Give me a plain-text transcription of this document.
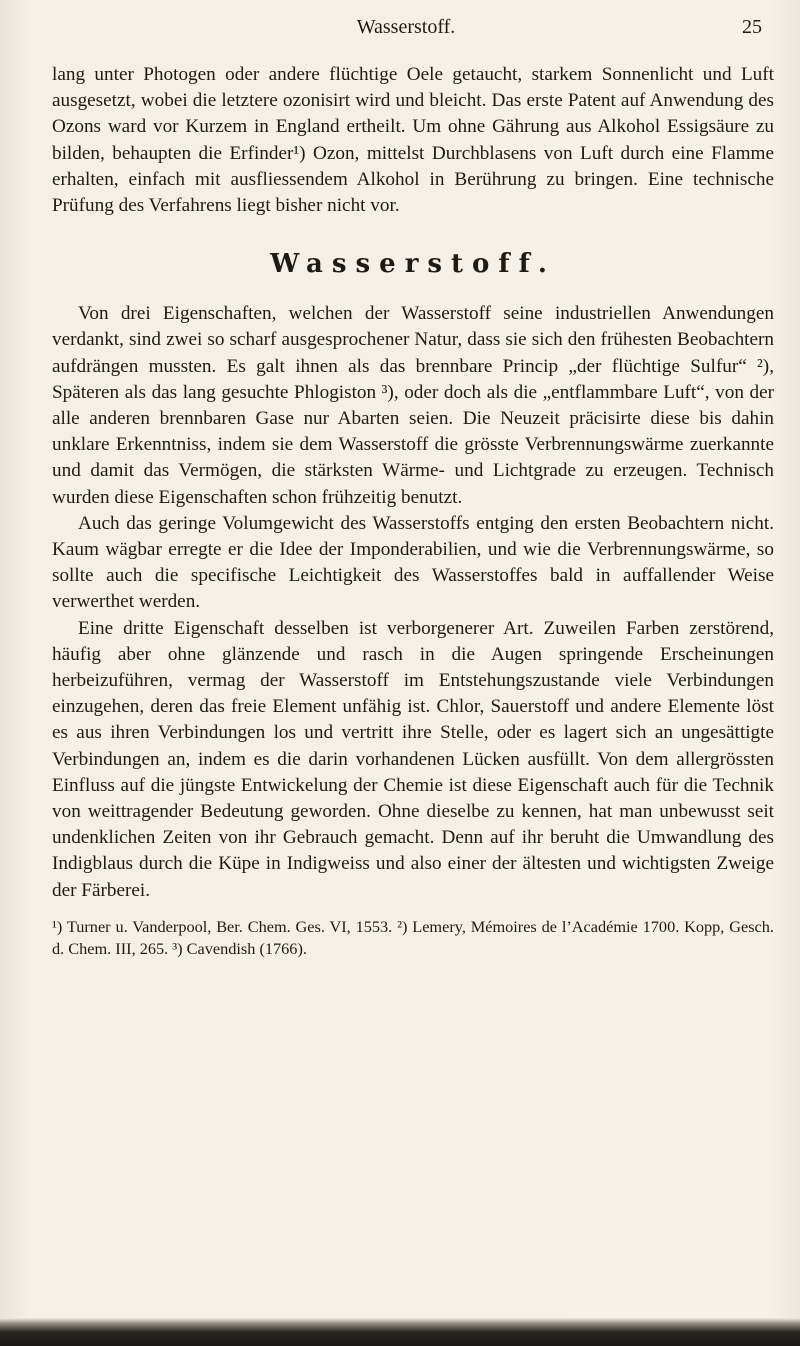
Wasserstoff.	25

lang unter Photogen oder andere flüchtige Oele getaucht, starkem Sonnenlicht und Luft ausgesetzt, wobei die letztere ozonisirt wird und bleicht. Das erste Patent auf Anwendung des Ozons ward vor Kurzem in England ertheilt. Um ohne Gährung aus Alkohol Essigsäure zu bilden, behaupten die Erfinder¹) Ozon, mittelst Durchblasens von Luft durch eine Flamme erhalten, einfach mit ausfliessendem Alkohol in Berührung zu bringen. Eine technische Prüfung des Verfahrens liegt bisher nicht vor.

Wasserstoff.

Von drei Eigenschaften, welchen der Wasserstoff seine industriellen Anwendungen verdankt, sind zwei so scharf ausgesprochener Natur, dass sie sich den frühesten Beobachtern aufdrängen mussten. Es galt ihnen als das brennbare Princip „der flüchtige Sulfur“ ²), Späteren als das lang gesuchte Phlogiston ³), oder doch als die „entflammbare Luft“, von der alle anderen brennbaren Gase nur Abarten seien. Die Neuzeit präcisirte diese bis dahin unklare Erkenntniss, indem sie dem Wasserstoff die grösste Verbrennungswärme zuerkannte und damit das Vermögen, die stärksten Wärme- und Lichtgrade zu erzeugen. Technisch wurden diese Eigenschaften schon frühzeitig benutzt.

Auch das geringe Volumgewicht des Wasserstoffs entging den ersten Beobachtern nicht. Kaum wägbar erregte er die Idee der Imponderabilien, und wie die Verbrennungswärme, so sollte auch die specifische Leichtigkeit des Wasserstoffes bald in auffallender Weise verwerthet werden.

Eine dritte Eigenschaft desselben ist verborgenerer Art. Zuweilen Farben zerstörend, häufig aber ohne glänzende und rasch in die Augen springende Erscheinungen herbeizuführen, vermag der Wasserstoff im Entstehungszustande viele Verbindungen einzugehen, deren das freie Element unfähig ist. Chlor, Sauerstoff und andere Elemente löst es aus ihren Verbindungen los und vertritt ihre Stelle, oder es lagert sich an ungesättigte Verbindungen an, indem es die darin vorhandenen Lücken ausfüllt. Von dem allergrössten Einfluss auf die jüngste Entwickelung der Chemie ist diese Eigenschaft auch für die Technik von weittragender Bedeutung geworden. Ohne dieselbe zu kennen, hat man unbewusst seit undenklichen Zeiten von ihr Gebrauch gemacht. Denn auf ihr beruht die Umwandlung des Indigblaus durch die Küpe in Indigweiss und also einer der ältesten und wichtigsten Zweige der Färberei.

¹) Turner u. Vanderpool, Ber. Chem. Ges. VI, 1553. ²) Lemery, Mémoires de l’Académie 1700. Kopp, Gesch. d. Chem. III, 265. ³) Cavendish (1766).
